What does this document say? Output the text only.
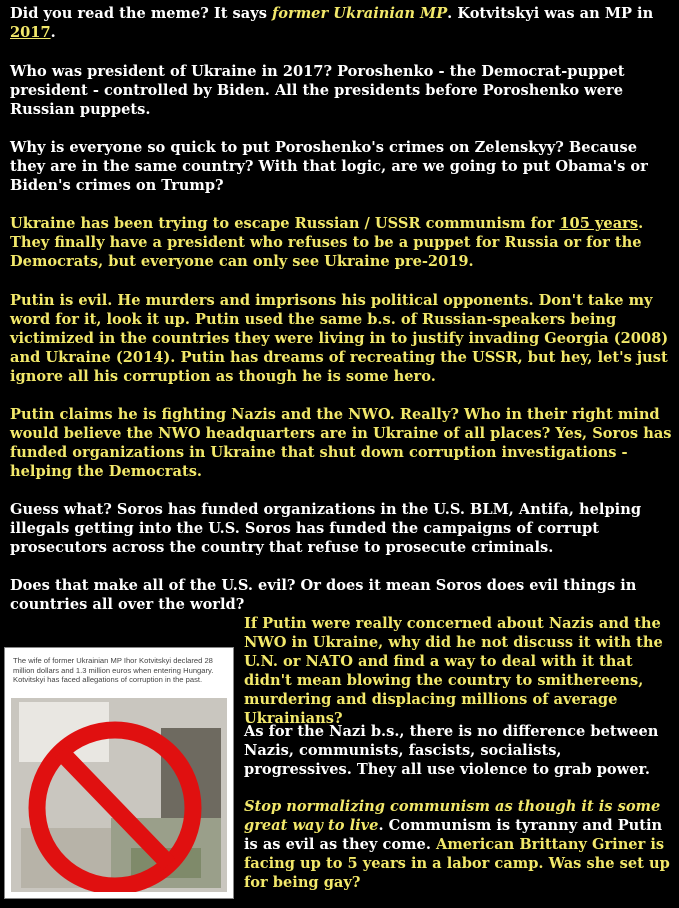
Did you read the meme? It says former Ukrainian MP. Kotvitskyi was an MP in 2017.

Who was president of Ukraine in 2017? Poroshenko - the Democrat-puppet president - controlled by Biden. All the presidents before Poroshenko were Russian puppets.

Why is everyone so quick to put Poroshenko's crimes on Zelenskyy? Because they are in the same country? With that logic, are we going to put Obama's or Biden's crimes on Trump?

Ukraine has been trying to escape Russian / USSR communism for 105 years. They finally have a president who refuses to be a puppet for Russia or for the Democrats, but everyone can only see Ukraine pre-2019.

Putin is evil. He murders and imprisons his political opponents. Don't take my word for it, look it up. Putin used the same b.s. of Russian-speakers being victimized in the countries they were living in to justify invading Georgia (2008) and Ukraine (2014). Putin has dreams of recreating the USSR, but hey, let's just ignore all his corruption as though he is some hero.

Putin claims he is fighting Nazis and the NWO. Really? Who in their right mind would believe the NWO headquarters are in Ukraine of all places? Yes, Soros has funded organizations in Ukraine that shut down corruption investigations - helping the Democrats.

Guess what? Soros has funded organizations in the U.S. BLM, Antifa, helping illegals getting into the U.S. Soros has funded the campaigns of corrupt prosecutors across the country that refuse to prosecute criminals.

Does that make all of the U.S. evil? Or does it mean Soros does evil things in countries all over the world?

The wife of former Ukrainian MP Ihor Kotvitskyi declared 28 million dollars and 1.3 million euros when entering Hungary. Kotvitskyi has faced allegations of corruption in the past.

If Putin were really concerned about Nazis and the NWO in Ukraine, why did he not discuss it with the U.N. or NATO and find a way to deal with it that didn't mean blowing the country to smithereens, murdering and displacing millions of average Ukrainians?

As for the Nazi b.s., there is no difference between Nazis, communists, fascists, socialists, progressives. They all use violence to grab power.

Stop normalizing communism as though it is some great way to live. Communism is tyranny and Putin is as evil as they come. American Brittany Griner is facing up to 5 years in a labor camp. Was she set up for being gay?
